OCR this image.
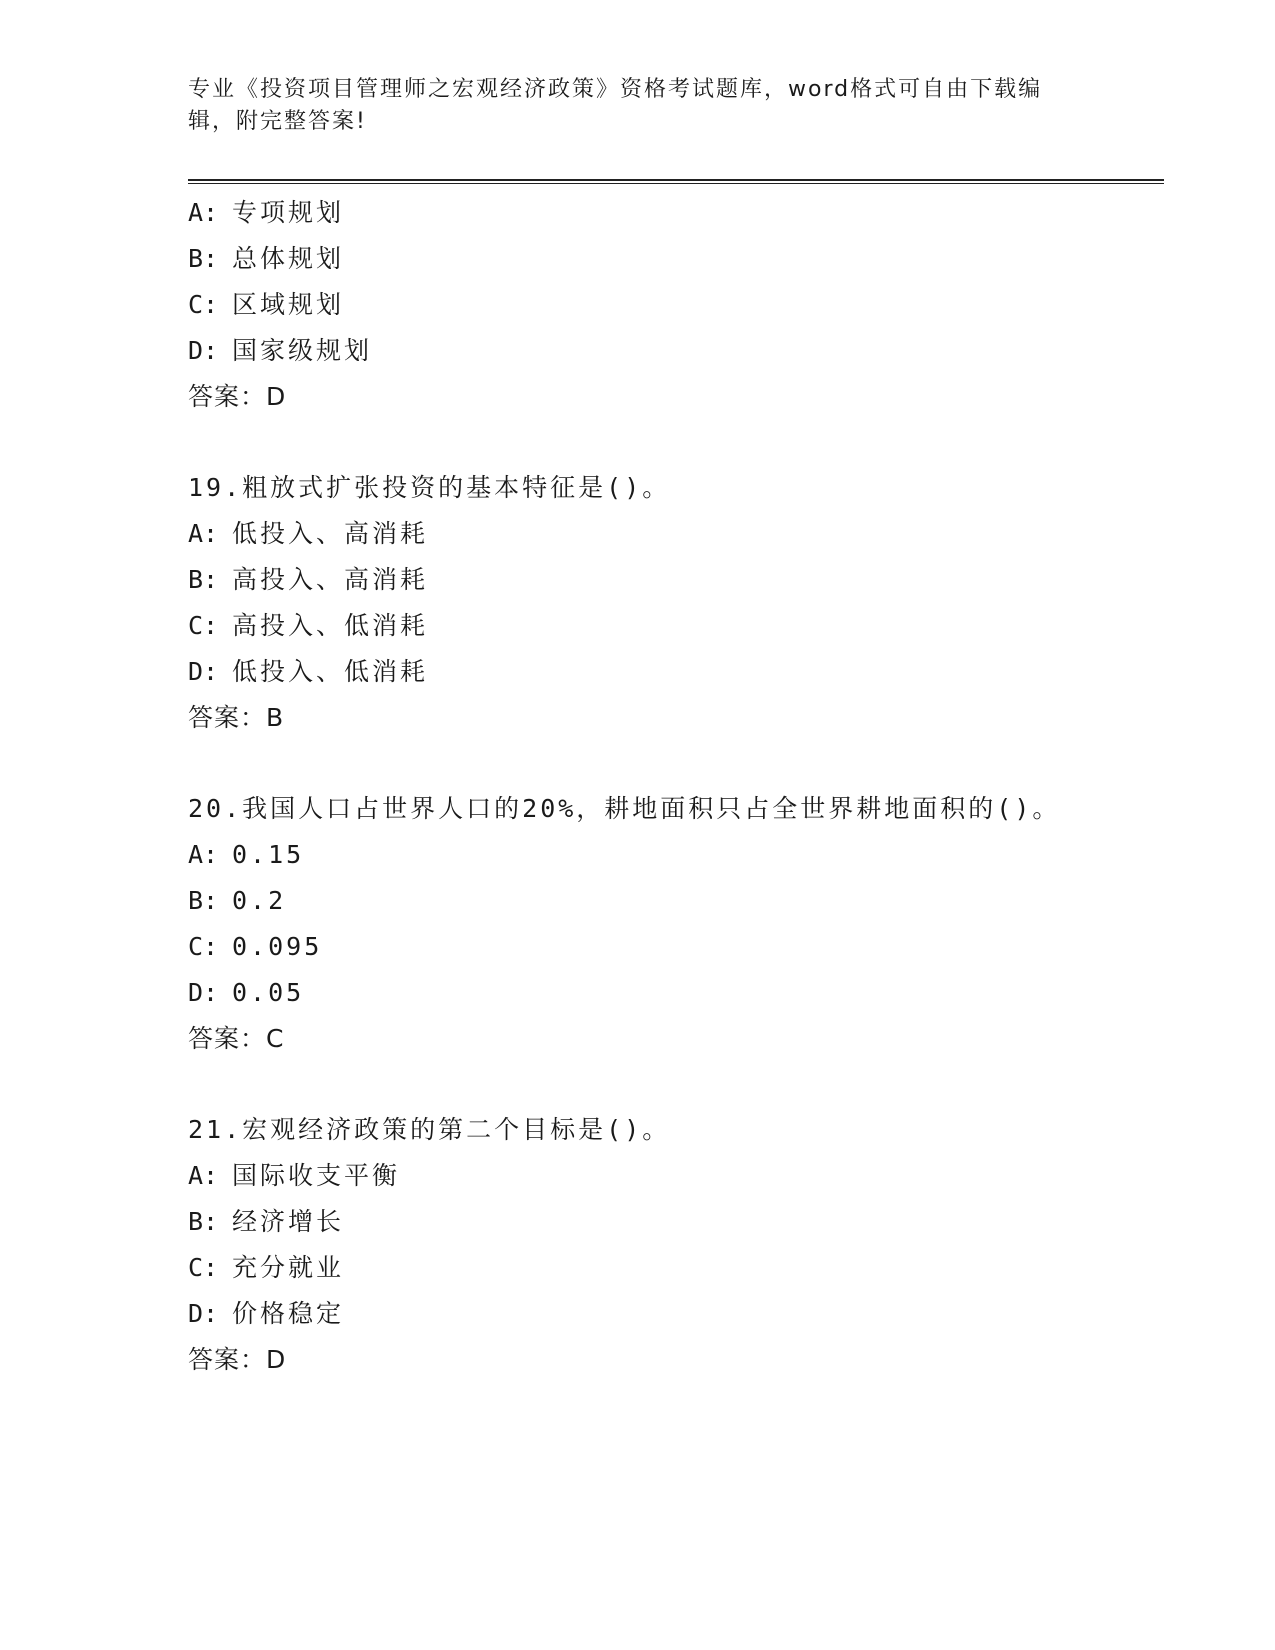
专业《投资项目管理师之宏观经济政策》资格考试题库，word格式可自由下载编
辑，附完整答案!
A: 专项规划
B: 总体规划
C: 区域规划
D: 国家级规划
答案：D
19.粗放式扩张投资的基本特征是()。
A: 低投入、高消耗
B: 高投入、高消耗
C: 高投入、低消耗
D: 低投入、低消耗
答案：B
20.我国人口占世界人口的20%，耕地面积只占全世界耕地面积的()。
A: 0.15
B: 0.2
C: 0.095
D: 0.05
答案：C
21.宏观经济政策的第二个目标是()。
A: 国际收支平衡
B: 经济增长
C: 充分就业
D: 价格稳定
答案：D
